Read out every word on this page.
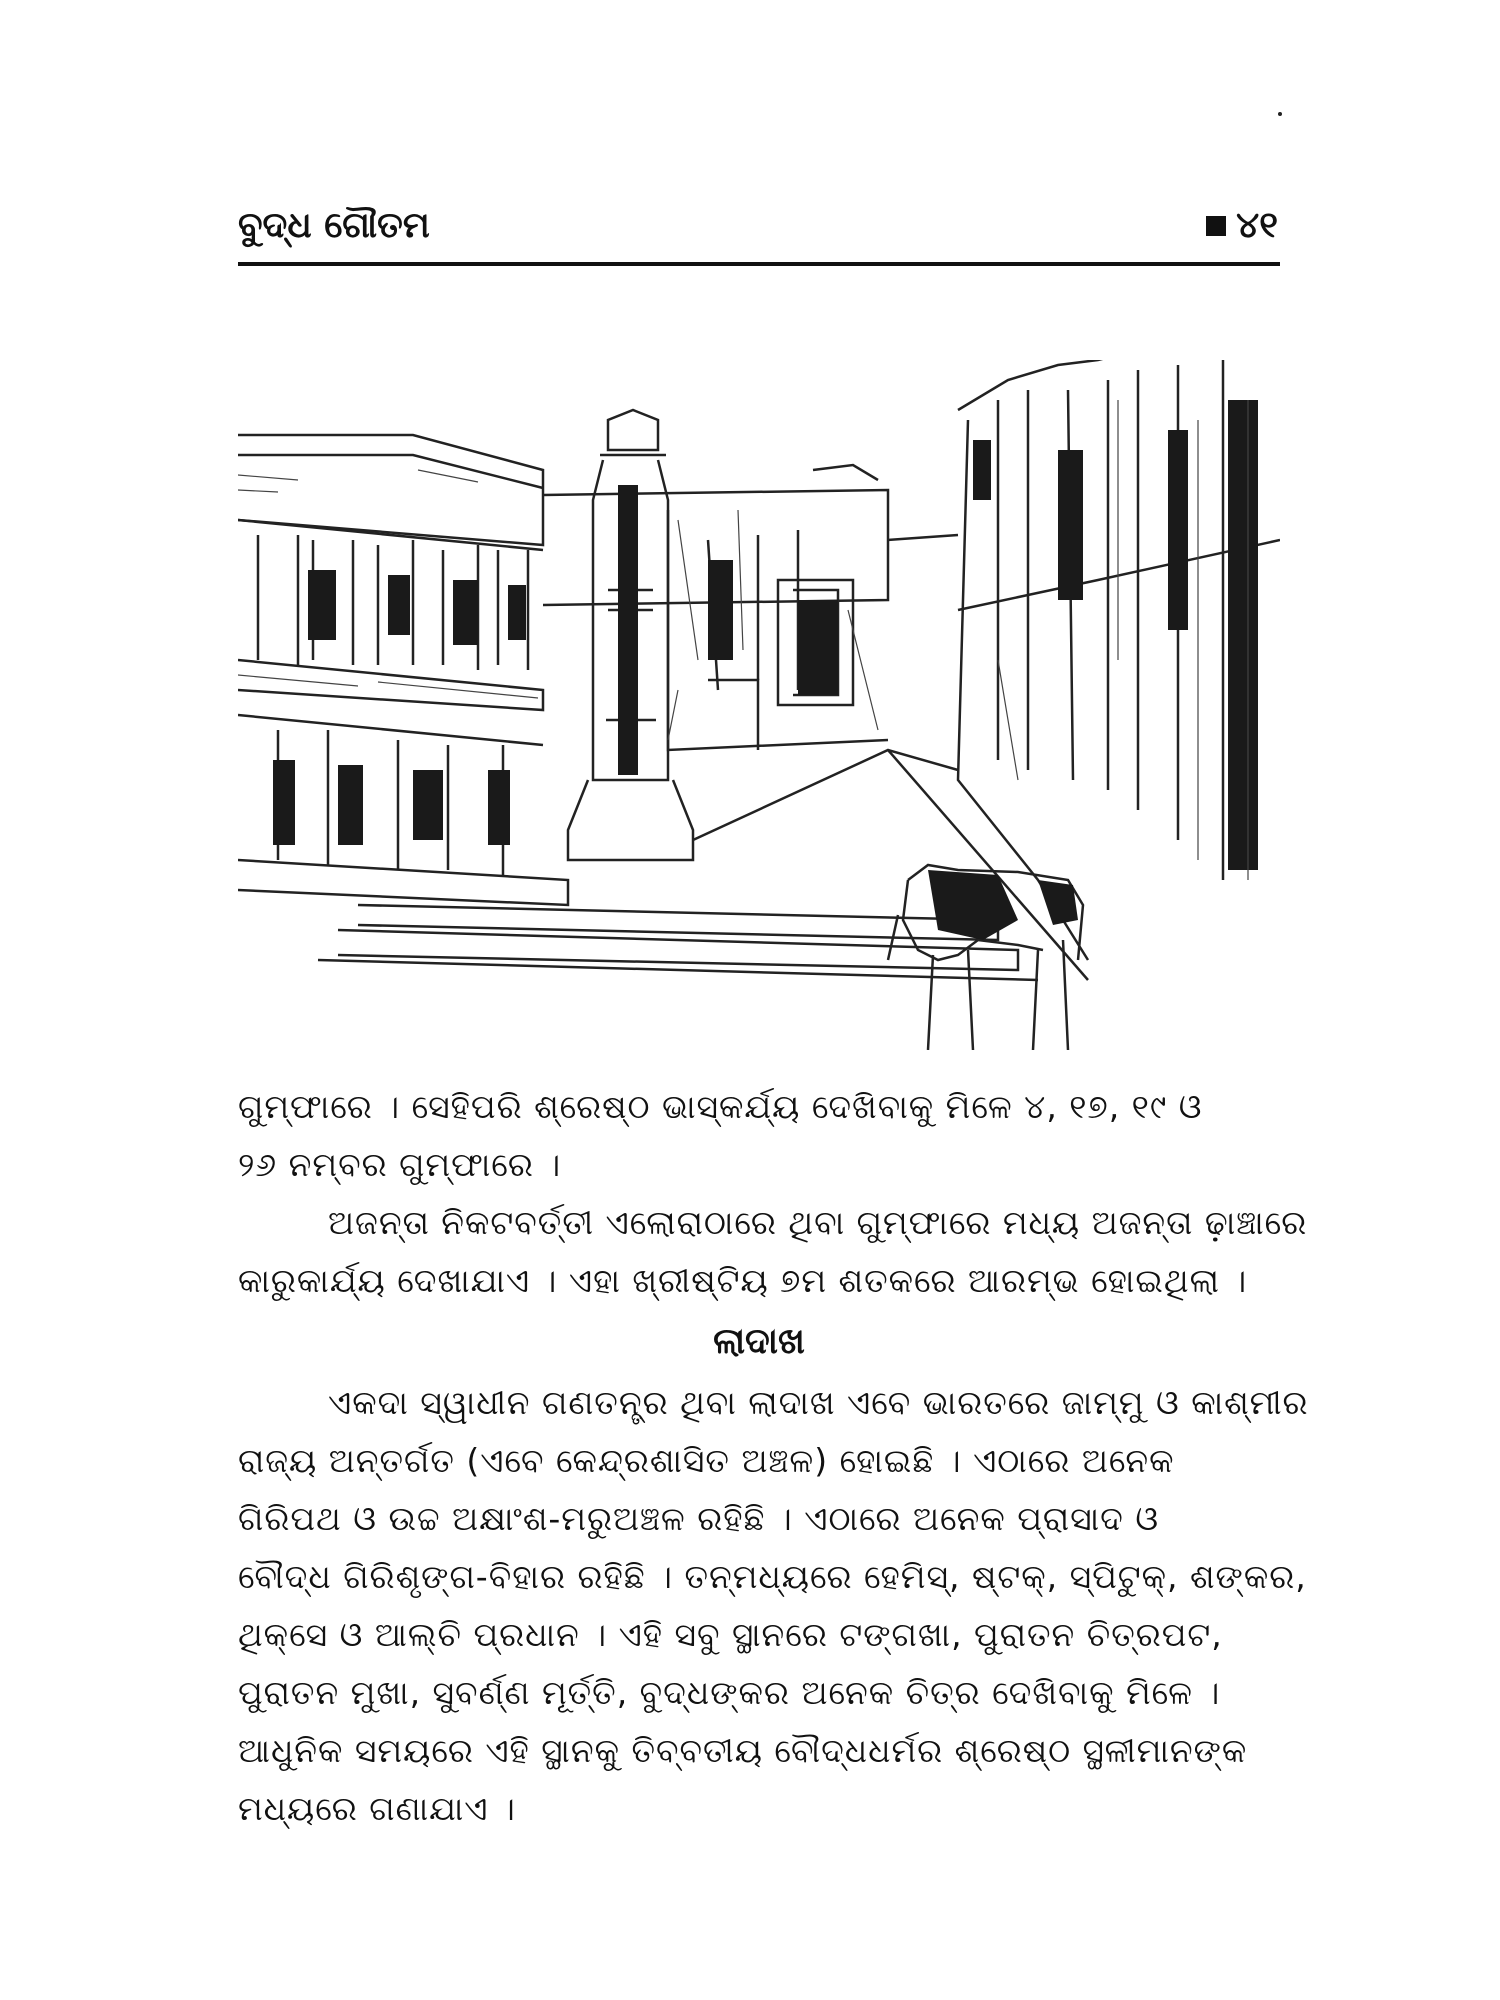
ବୁଦ୍ଧ ଗୌତମ	୪୧
ଗୁମ୍ଫାରେ । ସେହିପରି ଶ୍ରେଷ୍ଠ ଭାସ୍କର୍ଯ୍ୟ ଦେଖିବାକୁ ମିଳେ ୪, ୧୭, ୧୯ ଓ
୨୬ ନମ୍ବର ଗୁମ୍ଫାରେ ।
ଅଜନ୍ତା ନିକଟବର୍ତ୍ତୀ ଏଲୋରାଠାରେ ଥିବା ଗୁମ୍ଫାରେ ମଧ୍ୟ ଅଜନ୍ତା ଢ଼ାଞ୍ଚାରେ
କାରୁକାର୍ଯ୍ୟ ଦେଖାଯାଏ । ଏହା ଖ୍ରୀଷ୍ଟିୟ ୭ମ ଶତକରେ ଆରମ୍ଭ ହୋଇଥିଲା ।
ଲାଦାଖ
ଏକଦା ସ୍ୱାଧୀନ ଗଣତନ୍ତ୍ର ଥିବା ଲାଦାଖ ଏବେ ଭାରତରେ ଜାମ୍ମୁ ଓ କାଶ୍ମୀର
ରାଜ୍ୟ ଅନ୍ତର୍ଗତ (ଏବେ କେନ୍ଦ୍ରଶାସିତ ଅଞ୍ଚଳ) ହୋଇଛି । ଏଠାରେ ଅନେକ
ଗିରିପଥ ଓ ଉଚ୍ଚ ଅକ୍ଷାଂଶ-ମରୁଅଞ୍ଚଳ ରହିଛି । ଏଠାରେ ଅନେକ ପ୍ରାସାଦ ଓ
ବୌଦ୍ଧ ଗିରିଶୃଙ୍ଗ-ବିହାର ରହିଛି । ତନ୍ମଧ୍ୟରେ ହେମିସ୍, ଷ୍ଟକ୍, ସ୍ପିଟୁକ୍, ଶଙ୍କର,
ଥିକ୍‌ସେ ଓ ଆଲ୍‌ଚି ପ୍ରଧାନ । ଏହି ସବୁ ସ୍ଥାନରେ ଟଙ୍ଗଖା, ପୁରାତନ ଚିତ୍ରପଟ,
ପୁରାତନ ମୁଖା, ସୁବର୍ଣ୍ଣ ମୂର୍ତ୍ତି, ବୁଦ୍ଧଙ୍କର ଅନେକ ଚିତ୍ର ଦେଖିବାକୁ ମିଳେ ।
ଆଧୁନିକ ସମୟରେ ଏହି ସ୍ଥାନକୁ ତିବ୍ବତୀୟ ବୌଦ୍ଧଧର୍ମର ଶ୍ରେଷ୍ଠ ସ୍ଥଳୀମାନଙ୍କ
ମଧ୍ୟରେ ଗଣାଯାଏ ।
